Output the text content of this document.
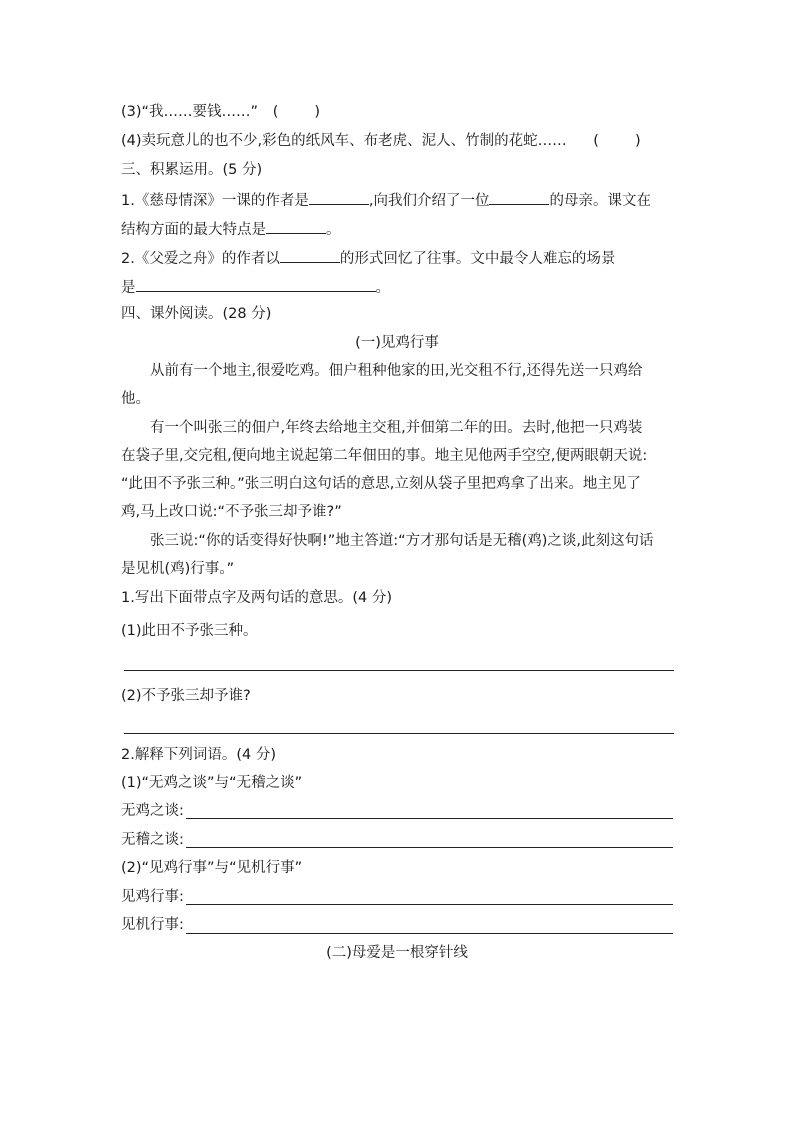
(3)“我……要钱……” ( )
(4)卖玩意儿的也不少,彩色的纸风车、布老虎、泥人、竹制的花蛇…… ( )
三、积累运用。(5 分)
1.《慈母情深》一课的作者是	,向我们介绍了一位	的母亲。课文在
结构方面的最大特点是	。
2.《父爱之舟》的作者以	的形式回忆了往事。文中最令人难忘的场景
是	。
四、课外阅读。(28 分)
(一)见鸡行事
从前有一个地主,很爱吃鸡。佃户租种他家的田,光交租不行,还得先送一只鸡给
他。
有一个叫张三的佃户,年终去给地主交租,并佃第二年的田。去时,他把一只鸡装
在袋子里,交完租,便向地主说起第二年佃田的事。地主见他两手空空,便两眼朝天说:
“此田不予张三种。”张三明白这句话的意思,立刻从袋子里把鸡拿了出来。地主见了
鸡,马上改口说:“不予张三却予谁?”
张三说:“你的话变得好快啊!”地主答道:“方才那句话是无稽(鸡)之谈,此刻这句话
是见机(鸡)行事。”
1.写出下面带点字及两句话的意思。(4 分)
(1)此田不予张三种。
(2)不予张三却予谁?
2.解释下列词语。(4 分)
(1)“无鸡之谈”与“无稽之谈”
无鸡之谈:
无稽之谈:
(2)“见鸡行事”与“见机行事”
见鸡行事:
见机行事:
(二)母爱是一根穿针线
